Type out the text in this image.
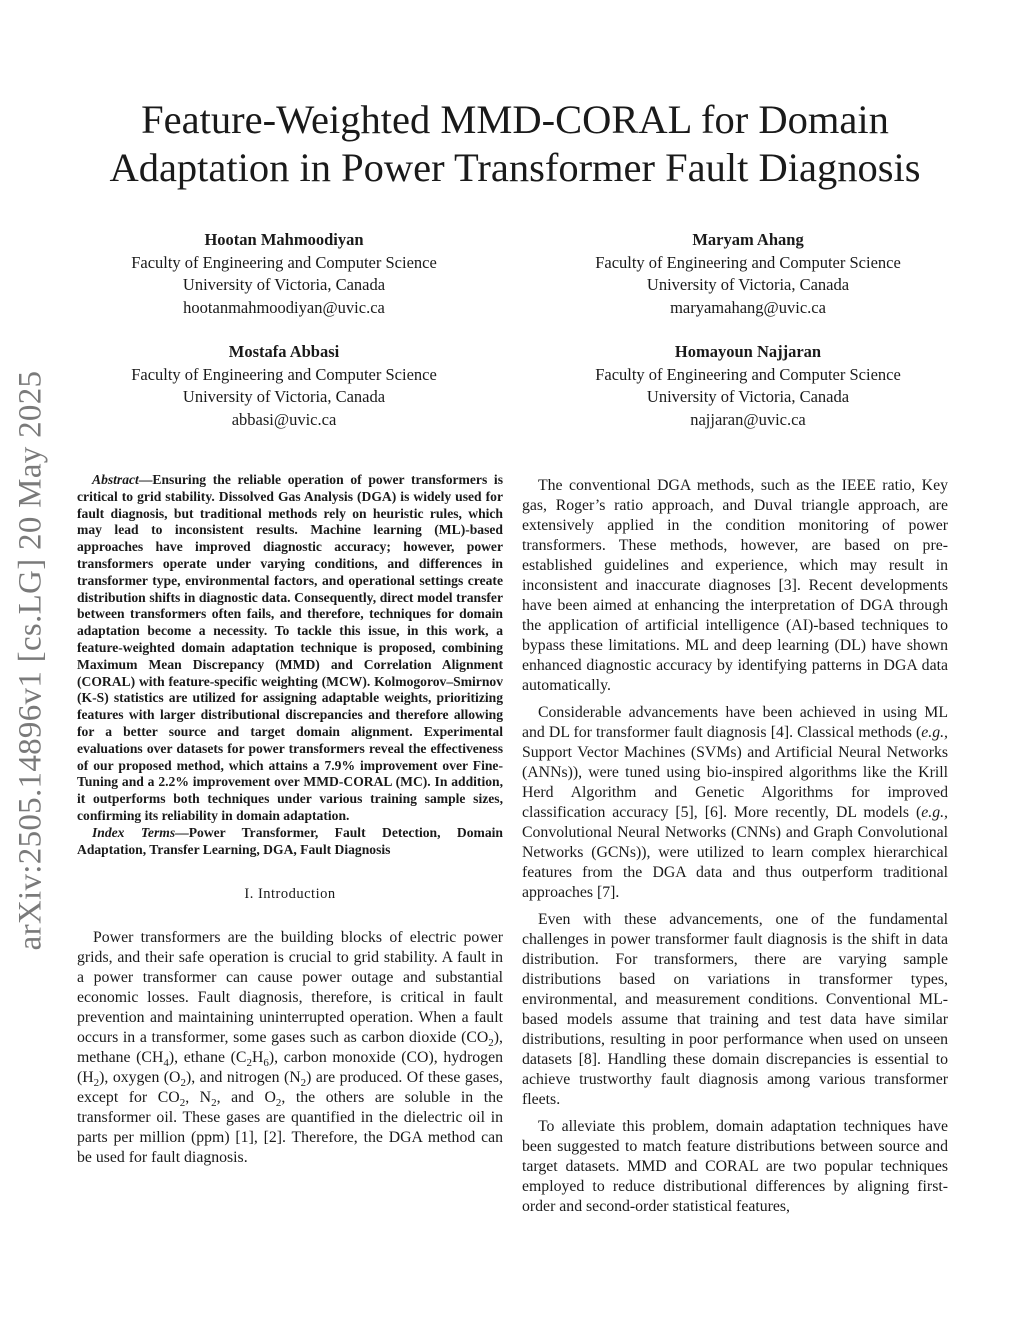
arXiv:2505.14896v1 [cs.LG] 20 May 2025
Feature-Weighted MMD-CORAL for Domain
Adaptation in Power Transformer Fault Diagnosis
Hootan Mahmoodiyan
Faculty of Engineering and Computer Science
University of Victoria, Canada
hootanmahmoodiyan@uvic.ca
Maryam Ahang
Faculty of Engineering and Computer Science
University of Victoria, Canada
maryamahang@uvic.ca
Mostafa Abbasi
Faculty of Engineering and Computer Science
University of Victoria, Canada
abbasi@uvic.ca
Homayoun Najjaran
Faculty of Engineering and Computer Science
University of Victoria, Canada
najjaran@uvic.ca

Abstract—Ensuring the reliable operation of power transformers is critical to grid stability. Dissolved Gas Analysis (DGA) is widely used for fault diagnosis, but traditional methods rely on heuristic rules, which may lead to inconsistent results. Machine learning (ML)-based approaches have improved diagnostic accuracy; however, power transformers operate under varying conditions, and differences in transformer type, environmental factors, and operational settings create distribution shifts in diagnostic data. Consequently, direct model transfer between transformers often fails, and therefore, techniques for domain adaptation become a necessity. To tackle this issue, in this work, a feature-weighted domain adaptation technique is proposed, combining Maximum Mean Discrepancy (MMD) and Correlation Alignment (CORAL) with feature-specific weighting (MCW). Kolmogorov–Smirnov (K-S) statistics are utilized for assigning adaptable weights, prioritizing features with larger distributional discrepancies and therefore allowing for a better source and target domain alignment. Experimental evaluations over datasets for power transformers reveal the effectiveness of our proposed method, which attains a 7.9% improvement over Fine-Tuning and a 2.2% improvement over MMD-CORAL (MC). In addition, it outperforms both techniques under various training sample sizes, confirming its reliability in domain adaptation.

Index Terms—Power Transformer, Fault Detection, Domain Adaptation, Transfer Learning, DGA, Fault Diagnosis

I. Introduction

Power transformers are the building blocks of electric power grids, and their safe operation is crucial to grid stability. A fault in a power transformer can cause power outage and substantial economic losses. Fault diagnosis, therefore, is critical in fault prevention and maintaining uninterrupted operation. When a fault occurs in a transformer, some gases such as carbon dioxide $(CO_2)$, methane $(CH_4)$, ethane $(C_2H_6)$, carbon monoxide (CO), hydrogen $(H_2)$, oxygen $(O_2)$, and nitrogen $(N_2)$ are produced. Of these gases, except for $CO_2$, $N_2$, and $O_2$, the others are soluble in the transformer oil. These gases are quantified in the dielectric oil in parts per million (ppm) [1], [2]. Therefore, the DGA method can be used for fault diagnosis.

The conventional DGA methods, such as the IEEE ratio, Key gas, Roger’s ratio approach, and Duval triangle approach, are extensively applied in the condition monitoring of power transformers. These methods, however, are based on pre-established guidelines and experience, which may result in inconsistent and inaccurate diagnoses [3]. Recent developments have been aimed at enhancing the interpretation of DGA through the application of artificial intelligence (AI)-based techniques to bypass these limitations. ML and deep learning (DL) have shown enhanced diagnostic accuracy by identifying patterns in DGA data automatically.

Considerable advancements have been achieved in using ML and DL for transformer fault diagnosis [4]. Classical methods (e.g., Support Vector Machines (SVMs) and Artificial Neural Networks (ANNs)), were tuned using bio-inspired algorithms like the Krill Herd Algorithm and Genetic Algorithms for improved classification accuracy [5], [6]. More recently, DL models (e.g., Convolutional Neural Networks (CNNs) and Graph Convolutional Networks (GCNs)), were utilized to learn complex hierarchical features from the DGA data and thus outperform traditional approaches [7].

Even with these advancements, one of the fundamental challenges in power transformer fault diagnosis is the shift in data distribution. For transformers, there are varying sample distributions based on variations in transformer types, environmental, and measurement conditions. Conventional ML-based models assume that training and test data have similar distributions, resulting in poor performance when used on unseen datasets [8]. Handling these domain discrepancies is essential to achieve trustworthy fault diagnosis among various transformer fleets.

To alleviate this problem, domain adaptation techniques have been suggested to match feature distributions between source and target datasets. MMD and CORAL are two popular techniques employed to reduce distributional differences by aligning first-order and second-order statistical features,
